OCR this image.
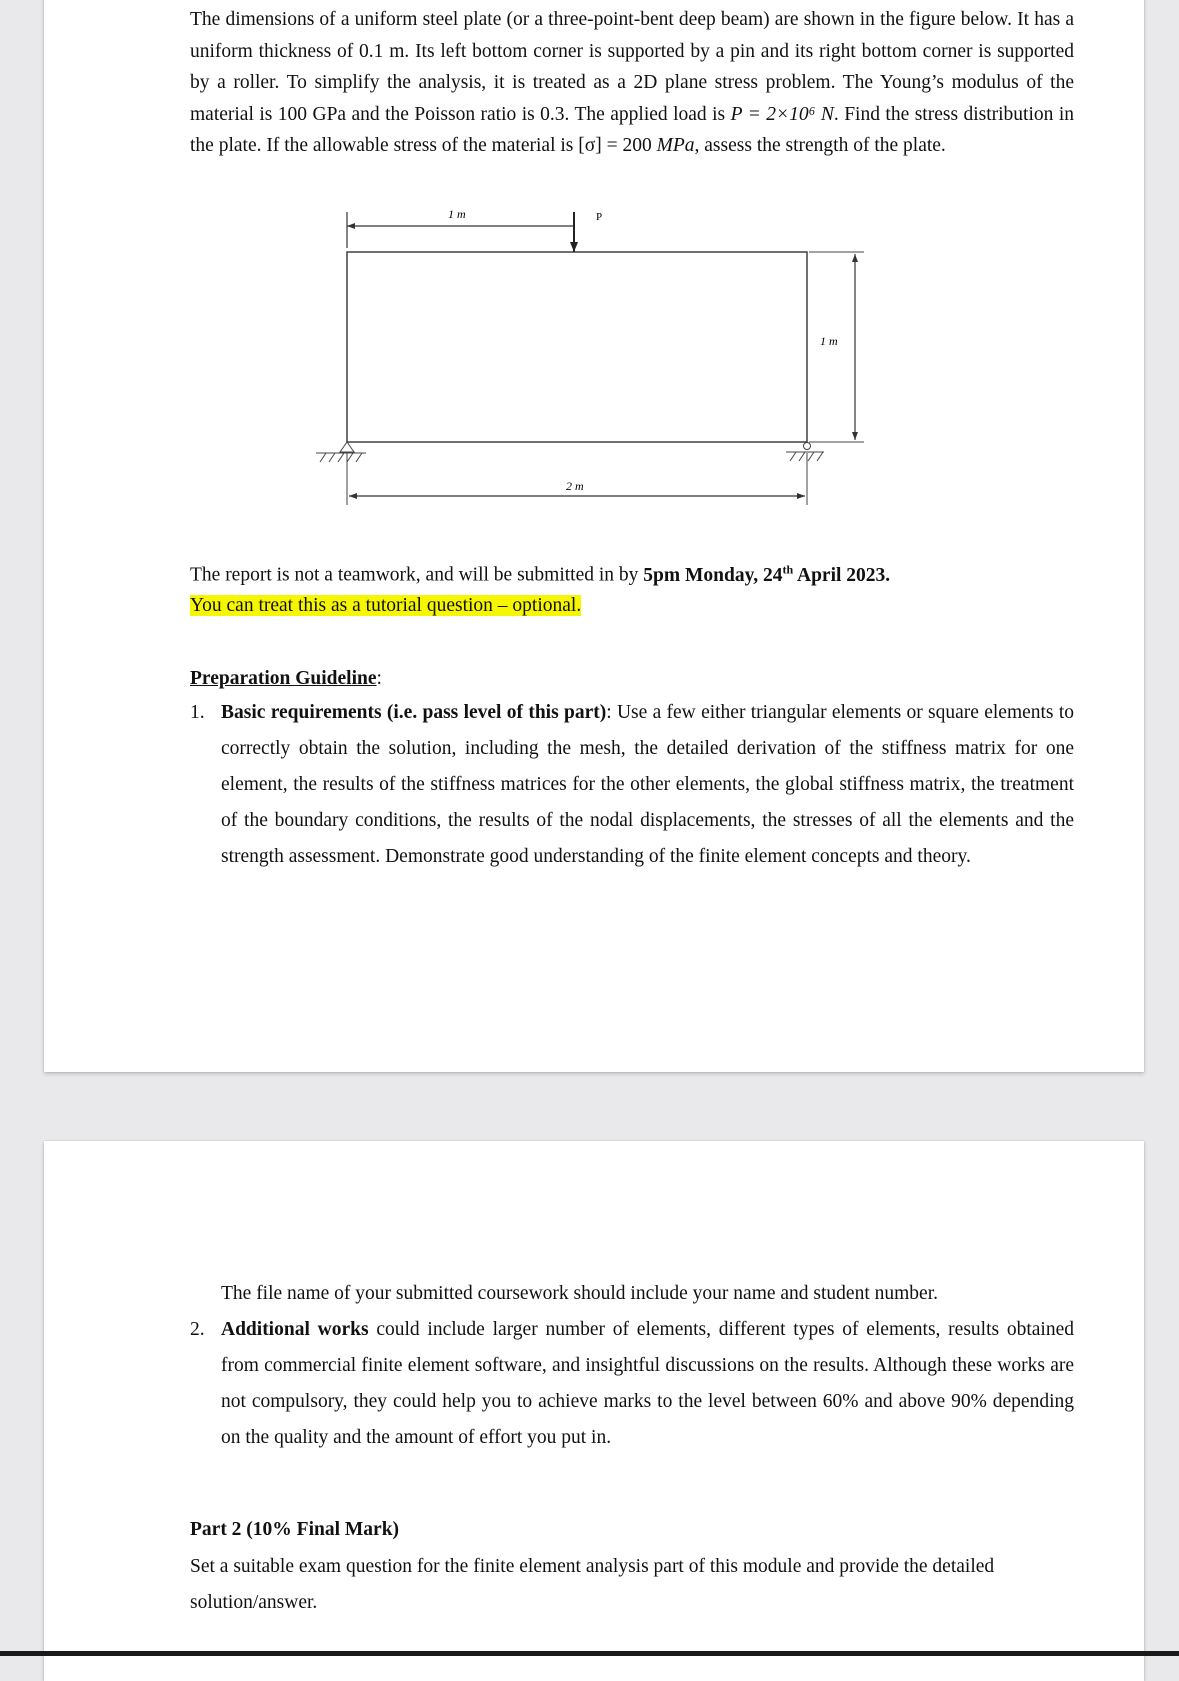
The dimensions of a uniform steel plate (or a three-point-bent deep beam) are shown in the figure below. It has a uniform thickness of 0.1 m. Its left bottom corner is supported by a pin and its right bottom corner is supported by a roller. To simplify the analysis, it is treated as a 2D plane stress problem. The Young’s modulus of the material is 100 GPa and the Poisson ratio is 0.3. The applied load is P = 2×10⁶ N. Find the stress distribution in the plate. If the allowable stress of the material is [σ] = 200 MPa, assess the strength of the plate.
1 m	P
1 m
2 m
The report is not a teamwork, and will be submitted in by 5pm Monday, 24th April 2023.
You can treat this as a tutorial question – optional.
Preparation Guideline:
1. Basic requirements (i.e. pass level of this part): Use a few either triangular elements or square elements to correctly obtain the solution, including the mesh, the detailed derivation of the stiffness matrix for one element, the results of the stiffness matrices for the other elements, the global stiffness matrix, the treatment of the boundary conditions, the results of the nodal displacements, the stresses of all the elements and the strength assessment. Demonstrate good understanding of the finite element concepts and theory.
The file name of your submitted coursework should include your name and student number.
2. Additional works could include larger number of elements, different types of elements, results obtained from commercial finite element software, and insightful discussions on the results. Although these works are not compulsory, they could help you to achieve marks to the level between 60% and above 90% depending on the quality and the amount of effort you put in.
Part 2 (10% Final Mark)
Set a suitable exam question for the finite element analysis part of this module and provide the detailed solution/answer.
